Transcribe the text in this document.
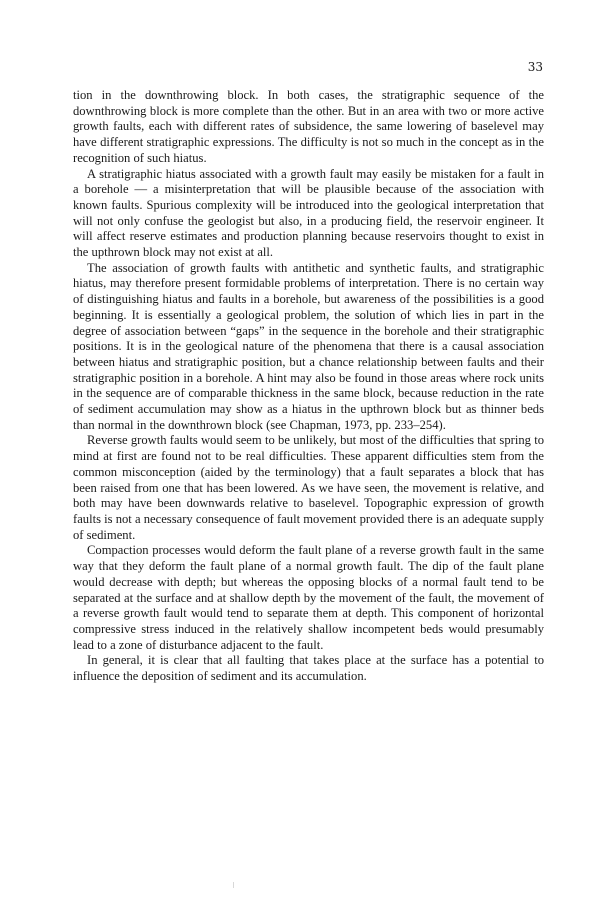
33

tion in the downthrowing block. In both cases, the stratigraphic sequence of the downthrowing block is more complete than the other. But in an area with two or more active growth faults, each with different rates of subsidence, the same lowering of baselevel may have different stratigraphic expressions. The difficulty is not so much in the concept as in the recognition of such hiatus.

A stratigraphic hiatus associated with a growth fault may easily be mistaken for a fault in a borehole — a misinterpretation that will be plausible because of the association with known faults. Spurious complexity will be introduced into the geological interpretation that will not only confuse the geologist but also, in a producing field, the reservoir engineer. It will affect reserve estimates and production planning because reservoirs thought to exist in the upthrown block may not exist at all.

The association of growth faults with antithetic and synthetic faults, and stratigraphic hiatus, may therefore present formidable problems of interpretation. There is no certain way of distinguishing hiatus and faults in a borehole, but awareness of the possibilities is a good beginning. It is essentially a geological problem, the solution of which lies in part in the degree of association between “gaps” in the sequence in the borehole and their stratigraphic positions. It is in the geological nature of the phenomena that there is a causal association between hiatus and stratigraphic position, but a chance relationship between faults and their stratigraphic position in a borehole. A hint may also be found in those areas where rock units in the sequence are of comparable thickness in the same block, because reduction in the rate of sediment accumulation may show as a hiatus in the upthrown block but as thinner beds than normal in the downthrown block (see Chapman, 1973, pp. 233–254).

Reverse growth faults would seem to be unlikely, but most of the difficulties that spring to mind at first are found not to be real difficulties. These apparent difficulties stem from the common misconception (aided by the terminology) that a fault separates a block that has been raised from one that has been lowered. As we have seen, the movement is relative, and both may have been downwards relative to baselevel. Topographic expression of growth faults is not a necessary consequence of fault movement provided there is an adequate supply of sediment.

Compaction processes would deform the fault plane of a reverse growth fault in the same way that they deform the fault plane of a normal growth fault. The dip of the fault plane would decrease with depth; but whereas the opposing blocks of a normal fault tend to be separated at the surface and at shallow depth by the movement of the fault, the movement of a reverse growth fault would tend to separate them at depth. This component of horizontal compressive stress induced in the relatively shallow incompetent beds would presumably lead to a zone of disturbance adjacent to the fault.

In general, it is clear that all faulting that takes place at the surface has a potential to influence the deposition of sediment and its accumulation.
